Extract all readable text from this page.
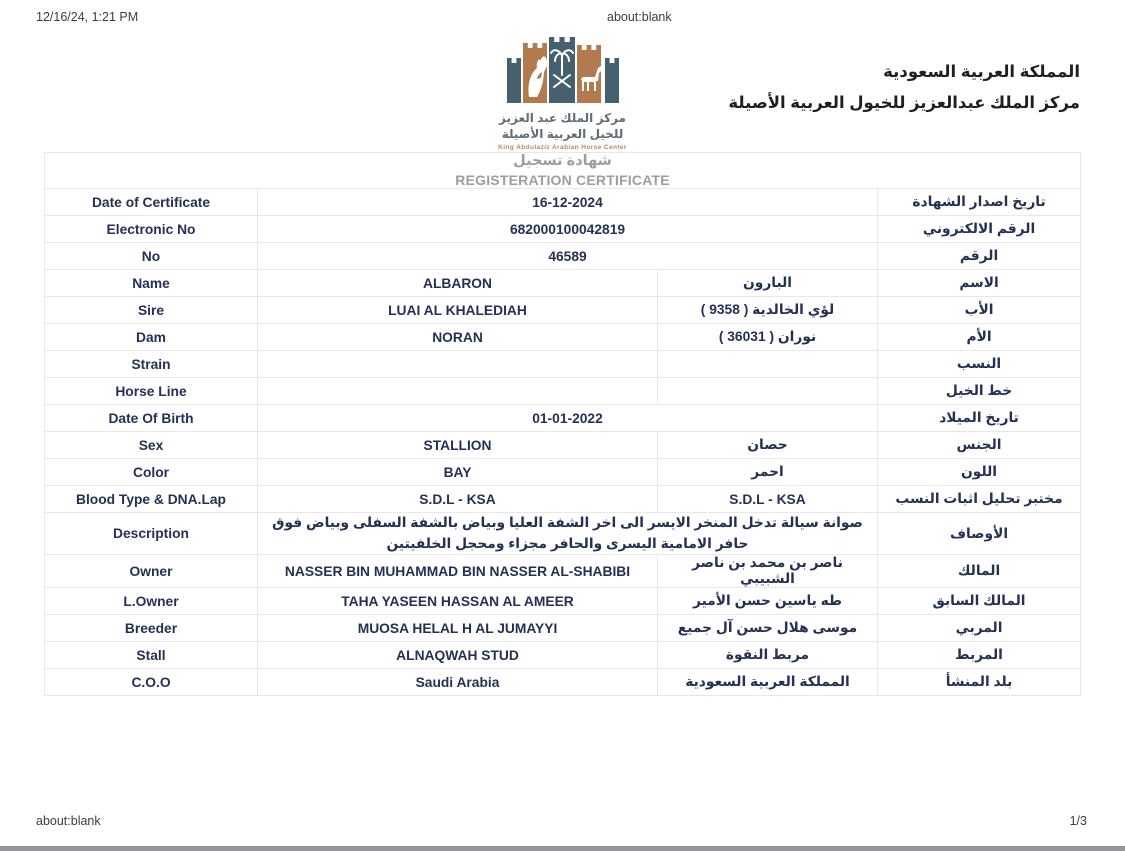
12/16/24, 1:21 PM	about:blank
مركز الملك عبد العزيز
للخيل العربية الأصيلة
King Abdulaziz Arabian Horse Center
المملكة العربية السعودية
مركز الملك عبدالعزيز للخيول العربية الأصيلة
شهادة تسجيل
REGISTERATION CERTIFICATE			

Date of Certificate	16-12-2024		تاريخ اصدار الشهادة
Electronic No	682000100042819		الرقم الالكتروني
No	46589		الرقم
Name	ALBARON	البارون	الاسم
Sire	LUAI AL KHALEDIAH	لؤي الخالدية ( 9358 )	الأب
Dam	NORAN	نوران ( 36031 )	الأم
Strain			النسب
Horse Line			خط الخيل
Date Of Birth	01-01-2022		تاريخ الميلاد
Sex	STALLION	حصان	الجنس
Color	BAY	احمر	اللون
Blood Type & DNA.Lap	S.D.L - KSA	S.D.L - KSA	مختبر تحليل اثبات النسب
Description	صوانة سيالة تدخل المنخر الايسر الى اخر الشفة العليا وبياض بالشفة السفلى وبياض فوق حافر الامامية اليسرى والحافر مجزاء ومحجل الخلفيتين		الأوصاف
Owner	NASSER BIN MUHAMMAD BIN NASSER AL-SHABIBI	ناصر بن محمد بن ناصر الشبيبي	المالك
L.Owner	TAHA YASEEN HASSAN AL AMEER	طه ياسين حسن الأمير	المالك السابق
Breeder	MUOSA HELAL H AL JUMAYYI	موسى هلال حسن آل جميع	المربي
Stall	ALNAQWAH STUD	مربط النقوة	المربط
C.O.O	Saudi Arabia	المملكة العربية السعودية	بلد المنشأ
about:blank	1/3
